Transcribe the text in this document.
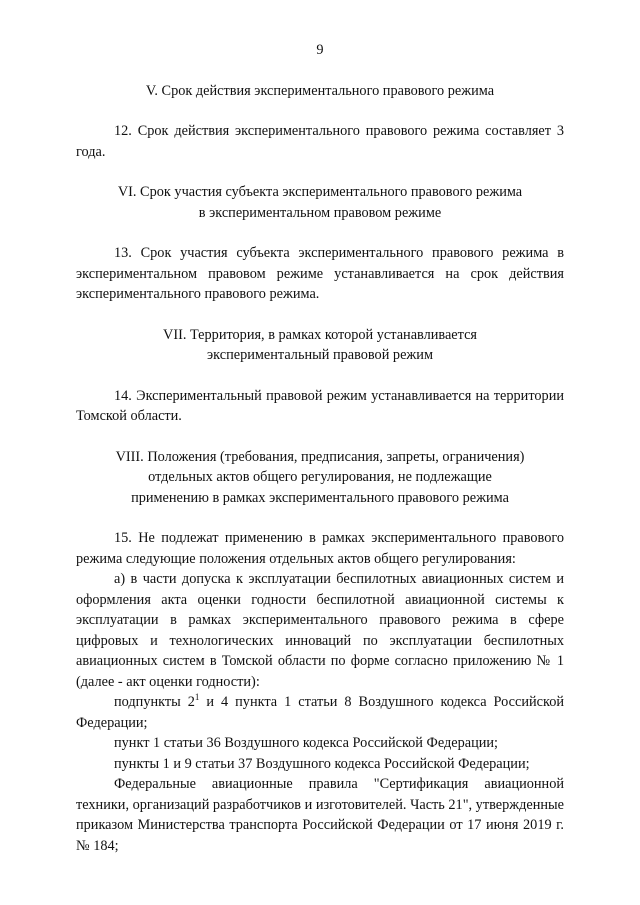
9

V. Срок действия экспериментального правового режима

12. Срок действия экспериментального правового режима составляет 3 года.

VI. Срок участия субъекта экспериментального правового режима

в экспериментальном правовом режиме

13. Срок участия субъекта экспериментального правового режима в экспериментальном правовом режиме устанавливается на срок действия экспериментального правового режима.

VII. Территория, в рамках которой устанавливается

экспериментальный правовой режим

14. Экспериментальный правовой режим устанавливается на территории Томской области.

VIII. Положения (требования, предписания, запреты, ограничения)

отдельных актов общего регулирования, не подлежащие

применению в рамках экспериментального правового режима

15. Не подлежат применению в рамках экспериментального правового режима следующие положения отдельных актов общего регулирования:

а) в части допуска к эксплуатации беспилотных авиационных систем и оформления акта оценки годности беспилотной авиационной системы к эксплуатации в рамках экспериментального правового режима в сфере цифровых и технологических инноваций по эксплуатации беспилотных авиационных систем в Томской области по форме согласно приложению № 1 (далее - акт оценки годности):

подпункты $2^1$ и 4 пункта 1 статьи 8 Воздушного кодекса Российской Федерации;

пункт 1 статьи 36 Воздушного кодекса Российской Федерации;

пункты 1 и 9 статьи 37 Воздушного кодекса Российской Федерации;

Федеральные авиационные правила "Сертификация авиационной техники, организаций разработчиков и изготовителей. Часть 21", утвержденные приказом Министерства транспорта Российской Федерации от 17 июня 2019 г. № 184;
